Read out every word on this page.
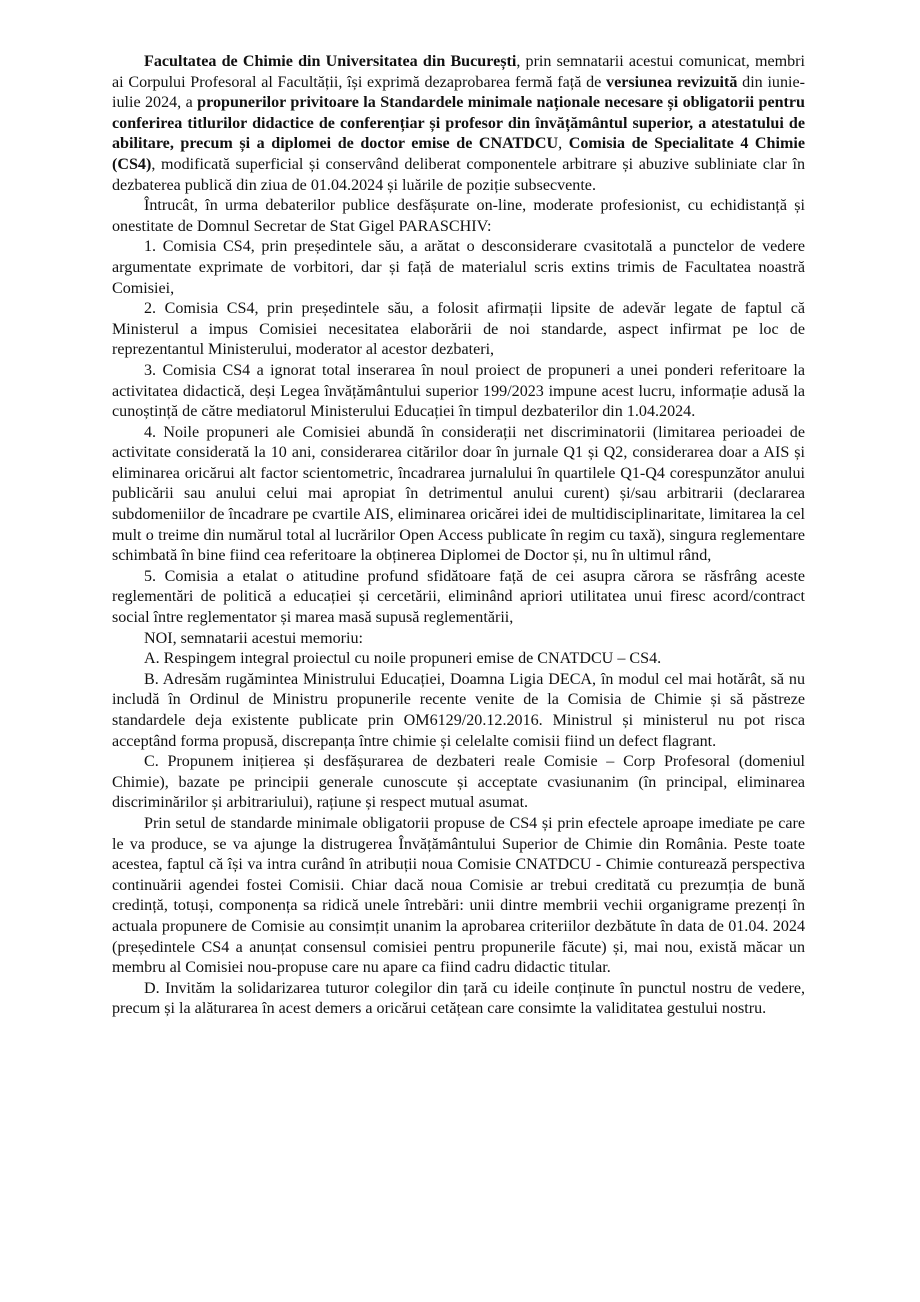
Facultatea de Chimie din Universitatea din București, prin semnatarii acestui comunicat, membri ai Corpului Profesoral al Facultății, își exprimă dezaprobarea fermă față de versiunea revizuită din iunie-iulie 2024, a propunerilor privitoare la Standardele minimale naționale necesare și obligatorii pentru conferirea titlurilor didactice de conferențiar și profesor din învățământul superior, a atestatului de abilitare, precum și a diplomei de doctor emise de CNATDCU, Comisia de Specialitate 4 Chimie (CS4), modificată superficial și conservând deliberat componentele arbitrare și abuzive subliniate clar în dezbaterea publică din ziua de 01.04.2024 și luările de poziție subsecvente.

Întrucât, în urma debaterilor publice desfășurate on-line, moderate profesionist, cu echidistanță și onestitate de Domnul Secretar de Stat Gigel PARASCHIV:

1. Comisia CS4, prin președintele său, a arătat o desconsiderare cvasitotală a punctelor de vedere argumentate exprimate de vorbitori, dar și față de materialul scris extins trimis de Facultatea noastră Comisiei,

2. Comisia CS4, prin președintele său, a folosit afirmații lipsite de adevăr legate de faptul că Ministerul a impus Comisiei necesitatea elaborării de noi standarde, aspect infirmat pe loc de reprezentantul Ministerului, moderator al acestor dezbateri,

3. Comisia CS4 a ignorat total inserarea în noul proiect de propuneri a unei ponderi referitoare la activitatea didactică, deși Legea învățământului superior 199/2023 impune acest lucru, informație adusă la cunoștință de către mediatorul Ministerului Educației în timpul dezbaterilor din 1.04.2024.

4. Noile propuneri ale Comisiei abundă în considerații net discriminatorii (limitarea perioadei de activitate considerată la 10 ani, considerarea citărilor doar în jurnale Q1 și Q2, considerarea doar a AIS și eliminarea oricărui alt factor scientometric, încadrarea jurnalului în quartilele Q1-Q4 corespunzător anului publicării sau anului celui mai apropiat în detrimentul anului curent) și/sau arbitrarii (declararea subdomeniilor de încadrare pe cvartile AIS, eliminarea oricărei idei de multidisciplinaritate, limitarea la cel mult o treime din numărul total al lucrărilor Open Access publicate în regim cu taxă), singura reglementare schimbată în bine fiind cea referitoare la obținerea Diplomei de Doctor și, nu în ultimul rând,

5. Comisia a etalat o atitudine profund sfidătoare față de cei asupra cărora se răsfrâng aceste reglementări de politică a educației și cercetării, eliminând apriori utilitatea unui firesc acord/contract social între reglementator și marea masă supusă reglementării,

NOI, semnatarii acestui memoriu:

A. Respingem integral proiectul cu noile propuneri emise de CNATDCU – CS4.

B. Adresăm rugămintea Ministrului Educației, Doamna Ligia DECA, în modul cel mai hotărât, să nu includă în Ordinul de Ministru propunerile recente venite de la Comisia de Chimie și să păstreze standardele deja existente publicate prin OM6129/20.12.2016. Ministrul și ministerul nu pot risca acceptând forma propusă, discrepanța între chimie și celelalte comisii fiind un defect flagrant.

C. Propunem inițierea și desfășurarea de dezbateri reale Comisie – Corp Profesoral (domeniul Chimie), bazate pe principii generale cunoscute și acceptate cvasiunanim (în principal, eliminarea discriminărilor și arbitrariului), rațiune și respect mutual asumat.

Prin setul de standarde minimale obligatorii propuse de CS4 și prin efectele aproape imediate pe care le va produce, se va ajunge la distrugerea Învățământului Superior de Chimie din România. Peste toate acestea, faptul că își va intra curând în atribuții noua Comisie CNATDCU - Chimie conturează perspectiva continuării agendei fostei Comisii. Chiar dacă noua Comisie ar trebui creditată cu prezumția de bună credință, totuși, componența sa ridică unele întrebări: unii dintre membrii vechii organigrame prezenți în actuala propunere de Comisie au consimțit unanim la aprobarea criteriilor dezbătute în data de 01.04. 2024 (președintele CS4 a anunțat consensul comisiei pentru propunerile făcute) și, mai nou, există măcar un membru al Comisiei nou-propuse care nu apare ca fiind cadru didactic titular.

D. Invităm la solidarizarea tuturor colegilor din țară cu ideile conținute în punctul nostru de vedere, precum și la alăturarea în acest demers a oricărui cetățean care consimte la validitatea gestului nostru.
